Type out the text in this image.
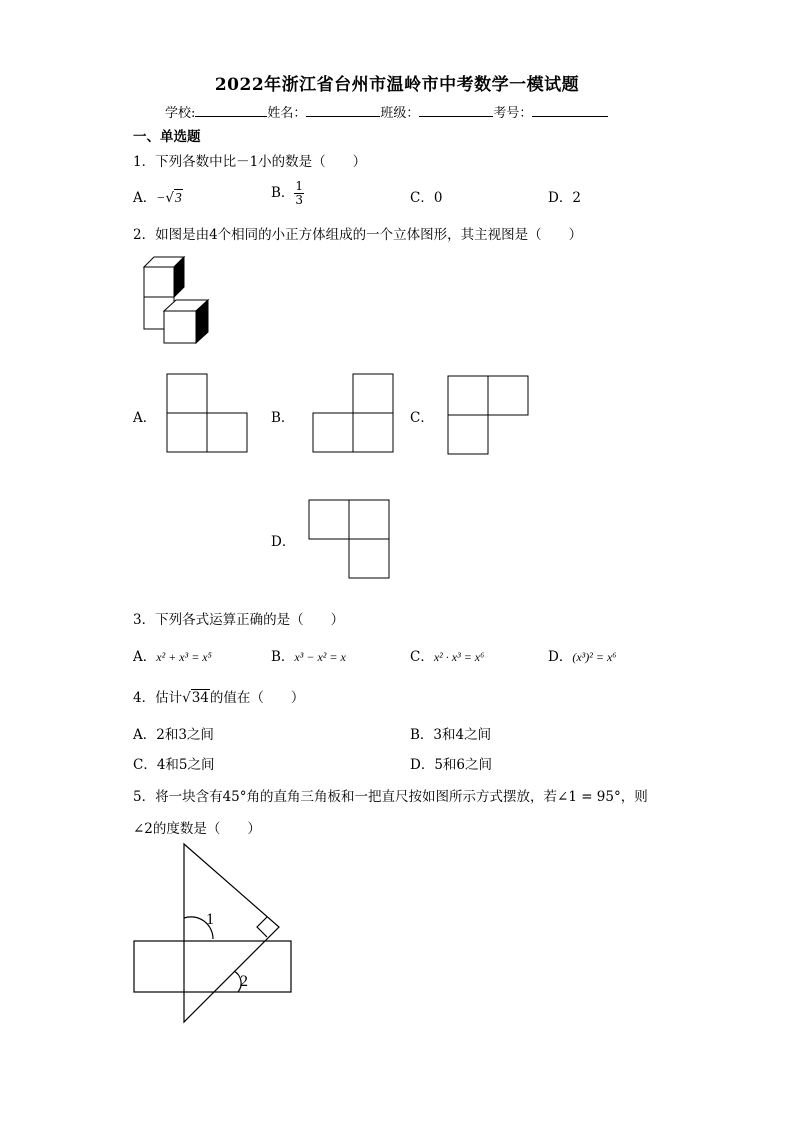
2022年浙江省台州市温岭市中考数学一模试题
学校:	姓名：	班级：	考号：
一、单选题
1．下列各数中比－1小的数是（　　）
A．−√3	B． $\frac{1}{3}$	C．0	D．2
2．如图是由4个相同的小正方体组成的一个立体图形，其主视图是（　　）
A．	B．	C．
D．
3．下列各式运算正确的是（　　）
A．x² + x³ = x⁵	B．x³ − x² = x	C．x² · x³ = x⁶	D．(x³)² = x⁶
4．估计√34的值在（　　）
A．2和3之间	B．3和4之间
C．4和5之间	D．5和6之间
5．将一块含有45°角的直角三角板和一把直尺按如图所示方式摆放，若∠1 = 95°，则
∠2的度数是（　　）
1
2
